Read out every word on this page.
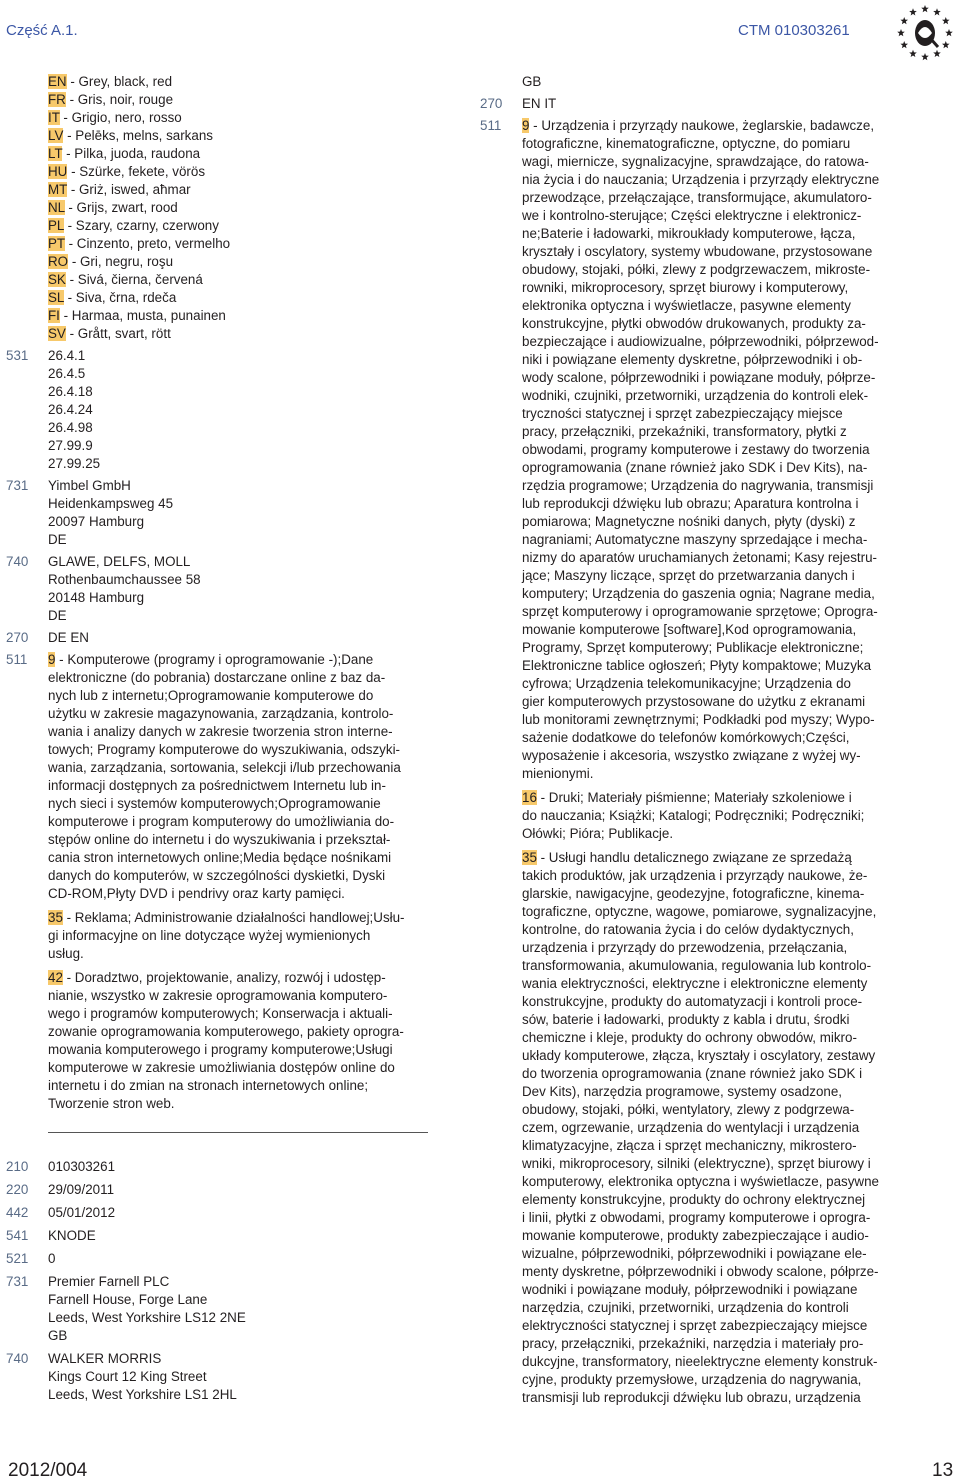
Część A.1.	CTM 010303261
EN - Grey, black, red
FR - Gris, noir, rouge
IT - Grigio, nero, rosso
LV - Pelēks, melns, sarkans
LT - Pilka, juoda, raudona
HU - Szürke, fekete, vörös
MT - Griż, iswed, aħmar
NL - Grijs, zwart, rood
PL - Szary, czarny, czerwony
PT - Cinzento, preto, vermelho
RO - Gri, negru, roşu
SK - Sivá, čierna, červená
SL - Siva, črna, rdeča
FI - Harmaa, musta, punainen
SV - Grått, svart, rött
531	26.4.1
26.4.5
26.4.18
26.4.24
26.4.98
27.99.9
27.99.25
731	Yimbel GmbH
Heidenkampsweg 45
20097 Hamburg
DE
740	GLAWE, DELFS, MOLL
Rothenbaumchaussee 58
20148 Hamburg
DE
270	DE EN
511	9 - Komputerowe (programy i oprogramowanie -);Dane
elektroniczne (do pobrania) dostarczane online z baz da-
nych lub z internetu;Oprogramowanie komputerowe do
użytku w zakresie magazynowania, zarządzania, kontrolo-
wania i analizy danych w zakresie tworzenia stron interne-
towych; Programy komputerowe do wyszukiwania, odszyki-
wania, zarządzania, sortowania, selekcji i/lub przechowania
informacji dostępnych za pośrednictwem Internetu lub in-
nych sieci i systemów komputerowych;Oprogramowanie
komputerowe i program komputerowy do umożliwiania do-
stępów online do internetu i do wyszukiwania i przekształ-
cania stron internetowych online;Media będące nośnikami
danych do komputerów, w szczególności dyskietki, Dyski
CD-ROM,Płyty DVD i pendrivy oraz karty pamięci.
35 - Reklama; Administrowanie działalności handlowej;Usłu-
gi informacyjne on line dotyczące wyżej wymienionych
usług.
42 - Doradztwo, projektowanie, analizy, rozwój i udostęp-
nianie, wszystko w zakresie oprogramowania komputero-
wego i programów komputerowych; Konserwacja i aktuali-
zowanie oprogramowania komputerowego, pakiety oprogra-
mowania komputerowego i programy komputerowe;Usługi
komputerowe w zakresie umożliwiania dostępów online do
internetu i do zmian na stronach internetowych online;
Tworzenie stron web.
210	010303261
220	29/09/2011
442	05/01/2012
541	KNODE
521	0
731	Premier Farnell PLC
Farnell House, Forge Lane
Leeds, West Yorkshire LS12 2NE
GB
740	WALKER MORRIS
Kings Court 12 King Street
Leeds, West Yorkshire LS1 2HL
GB
270	EN IT
511	9 - Urządzenia i przyrządy naukowe, żeglarskie, badawcze,
fotograficzne, kinematograficzne, optyczne, do pomiaru
wagi, miernicze, sygnalizacyjne, sprawdzające, do ratowa-
nia życia i do nauczania; Urządzenia i przyrządy elektryczne
przewodzące, przełączające, transformujące, akumulatoro-
we i kontrolno-sterujące; Części elektryczne i elektronicz-
ne;Baterie i ładowarki, mikroukłady komputerowe, łącza,
kryształy i oscylatory, systemy wbudowane, przystosowane
obudowy, stojaki, półki, zlewy z podgrzewaczem, mikroste-
rowniki, mikroprocesory, sprzęt biurowy i komputerowy,
elektronika optyczna i wyświetlacze, pasywne elementy
konstrukcyjne, płytki obwodów drukowanych, produkty za-
bezpieczające i audiowizualne, półprzewodniki, półprzewod-
niki i powiązane elementy dyskretne, półprzewodniki i ob-
wody scalone, półprzewodniki i powiązane moduły, półprze-
wodniki, czujniki, przetworniki, urządzenia do kontroli elek-
tryczności statycznej i sprzęt zabezpieczający miejsce
pracy, przełączniki, przekaźniki, transformatory, płytki z
obwodami, programy komputerowe i zestawy do tworzenia
oprogramowania (znane również jako SDK i Dev Kits), na-
rzędzia programowe; Urządzenia do nagrywania, transmisji
lub reprodukcji dźwięku lub obrazu; Aparatura kontrolna i
pomiarowa; Magnetyczne nośniki danych, płyty (dyski) z
nagraniami; Automatyczne maszyny sprzedające i mecha-
nizmy do aparatów uruchamianych żetonami; Kasy rejestru-
jące; Maszyny liczące, sprzęt do przetwarzania danych i
komputery; Urządzenia do gaszenia ognia; Nagrane media,
sprzęt komputerowy i oprogramowanie sprzętowe; Oprogra-
mowanie komputerowe [software],Kod oprogramowania,
Programy, Sprzęt komputerowy; Publikacje elektroniczne;
Elektroniczne tablice ogłoszeń; Płyty kompaktowe; Muzyka
cyfrowa; Urządzenia telekomunikacyjne; Urządzenia do
gier komputerowych przystosowane do użytku z ekranami
lub monitorami zewnętrznymi; Podkładki pod myszy; Wypo-
sażenie dodatkowe do telefonów komórkowych;Części,
wyposażenie i akcesoria, wszystko związane z wyżej wy-
mienionymi.
16 - Druki; Materiały piśmienne; Materiały szkoleniowe i
do nauczania; Książki; Katalogi; Podręczniki; Podręczniki;
Ołówki; Pióra; Publikacje.
35 - Usługi handlu detalicznego związane ze sprzedażą
takich produktów, jak urządzenia i przyrządy naukowe, że-
glarskie, nawigacyjne, geodezyjne, fotograficzne, kinema-
tograficzne, optyczne, wagowe, pomiarowe, sygnalizacyjne,
kontrolne, do ratowania życia i do celów dydaktycznych,
urządzenia i przyrządy do przewodzenia, przełączania,
transformowania, akumulowania, regulowania lub kontrolo-
wania elektryczności, elektryczne i elektroniczne elementy
konstrukcyjne, produkty do automatyzacji i kontroli proce-
sów, baterie i ładowarki, produkty z kabla i drutu, środki
chemiczne i kleje, produkty do ochrony obwodów, mikro-
układy komputerowe, złącza, kryształy i oscylatory, zestawy
do tworzenia oprogramowania (znane również jako SDK i
Dev Kits), narzędzia programowe, systemy osadzone,
obudowy, stojaki, półki, wentylatory, zlewy z podgrzewa-
czem, ogrzewanie, urządzenia do wentylacji i urządzenia
klimatyzacyjne, złącza i sprzęt mechaniczny, mikrostero-
wniki, mikroprocesory, silniki (elektryczne), sprzęt biurowy i
komputerowy, elektronika optyczna i wyświetlacze, pasywne
elementy konstrukcyjne, produkty do ochrony elektrycznej
i linii, płytki z obwodami, programy komputerowe i oprogra-
mowanie komputerowe, produkty zabezpieczające i audio-
wizualne, półprzewodniki, półprzewodniki i powiązane ele-
menty dyskretne, półprzewodniki i obwody scalone, półprze-
wodniki i powiązane moduły, półprzewodniki i powiązane
narzędzia, czujniki, przetworniki, urządzenia do kontroli
elektryczności statycznej i sprzęt zabezpieczający miejsce
pracy, przełączniki, przekaźniki, narzędzia i materiały pro-
dukcyjne, transformatory, nieelektryczne elementy konstruk-
cyjne, produkty przemysłowe, urządzenia do nagrywania,
transmisji lub reprodukcji dźwięku lub obrazu, urządzenia
2012/004	13
